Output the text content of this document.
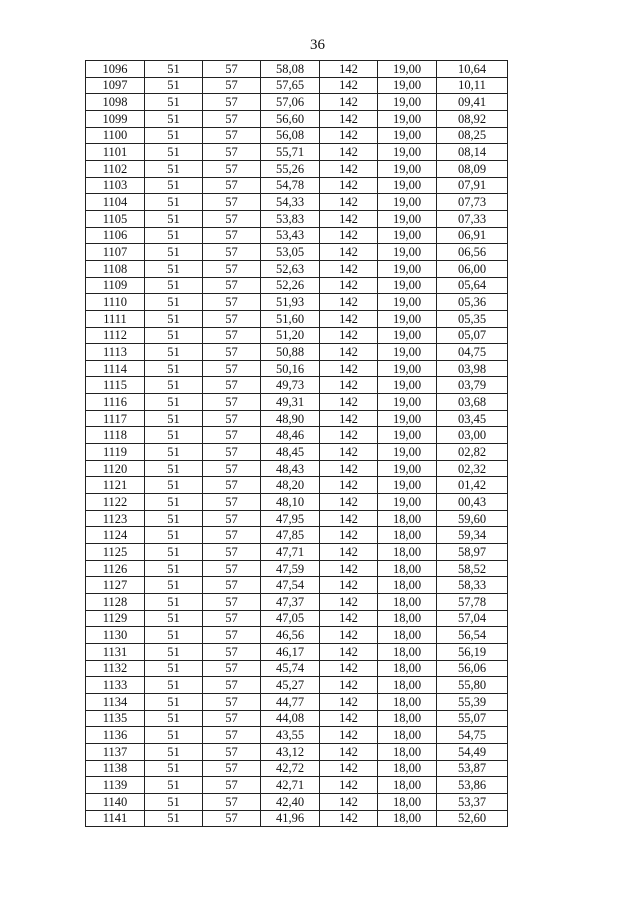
36
1096	51	57	58,08	142	19,00	10,64
1097	51	57	57,65	142	19,00	10,11
1098	51	57	57,06	142	19,00	09,41
1099	51	57	56,60	142	19,00	08,92
1100	51	57	56,08	142	19,00	08,25
1101	51	57	55,71	142	19,00	08,14
1102	51	57	55,26	142	19,00	08,09
1103	51	57	54,78	142	19,00	07,91
1104	51	57	54,33	142	19,00	07,73
1105	51	57	53,83	142	19,00	07,33
1106	51	57	53,43	142	19,00	06,91
1107	51	57	53,05	142	19,00	06,56
1108	51	57	52,63	142	19,00	06,00
1109	51	57	52,26	142	19,00	05,64
1110	51	57	51,93	142	19,00	05,36
1111	51	57	51,60	142	19,00	05,35
1112	51	57	51,20	142	19,00	05,07
1113	51	57	50,88	142	19,00	04,75
1114	51	57	50,16	142	19,00	03,98
1115	51	57	49,73	142	19,00	03,79
1116	51	57	49,31	142	19,00	03,68
1117	51	57	48,90	142	19,00	03,45
1118	51	57	48,46	142	19,00	03,00
1119	51	57	48,45	142	19,00	02,82
1120	51	57	48,43	142	19,00	02,32
1121	51	57	48,20	142	19,00	01,42
1122	51	57	48,10	142	19,00	00,43
1123	51	57	47,95	142	18,00	59,60
1124	51	57	47,85	142	18,00	59,34
1125	51	57	47,71	142	18,00	58,97
1126	51	57	47,59	142	18,00	58,52
1127	51	57	47,54	142	18,00	58,33
1128	51	57	47,37	142	18,00	57,78
1129	51	57	47,05	142	18,00	57,04
1130	51	57	46,56	142	18,00	56,54
1131	51	57	46,17	142	18,00	56,19
1132	51	57	45,74	142	18,00	56,06
1133	51	57	45,27	142	18,00	55,80
1134	51	57	44,77	142	18,00	55,39
1135	51	57	44,08	142	18,00	55,07
1136	51	57	43,55	142	18,00	54,75
1137	51	57	43,12	142	18,00	54,49
1138	51	57	42,72	142	18,00	53,87
1139	51	57	42,71	142	18,00	53,86
1140	51	57	42,40	142	18,00	53,37
1141	51	57	41,96	142	18,00	52,60
